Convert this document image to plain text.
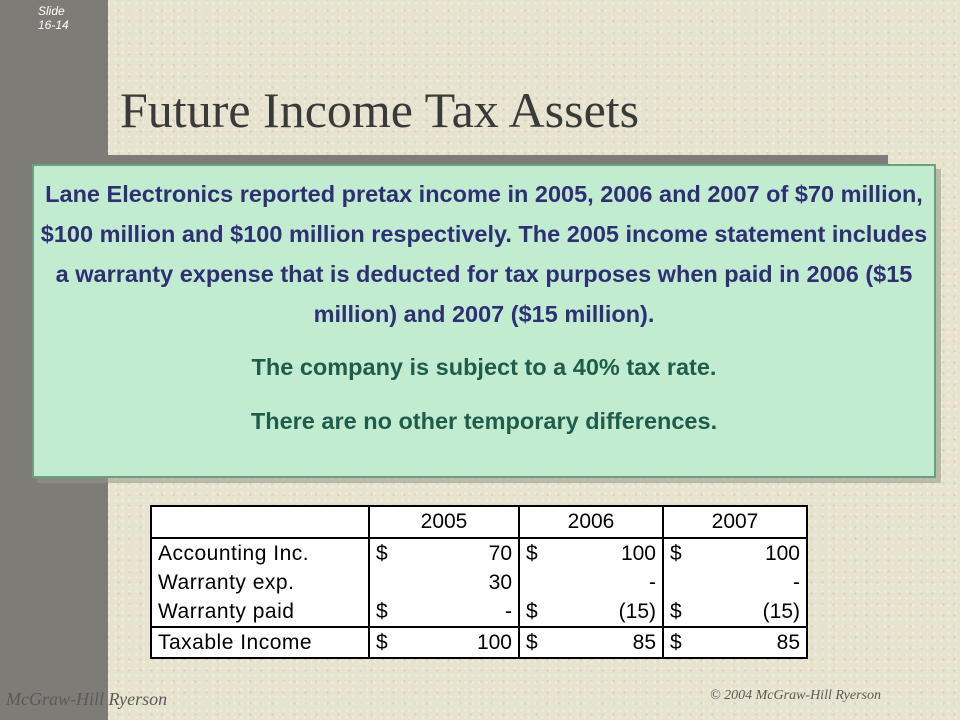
Slide
16-14
Future Income Tax Assets

Lane Electronics reported pretax income in 2005, 2006 and 2007 of $70 million, $100 million and $100 million respectively. The 2005 income statement includes a warranty expense that is deducted for tax purposes when paid in 2006 ($15 million) and 2007 ($15 million).

The company is subject to a 40% tax rate.

There are no other temporary differences.

	2005		2006		2007	
Accounting Inc.	$	70	$	100	$	100
Warranty exp.		30		-		-
Warranty paid	$	-	$	(15)	$	(15)
Taxable Income	$	100	$	85	$	85
McGraw-Hill Ryerson	© 2004 McGraw-Hill Ryerson
